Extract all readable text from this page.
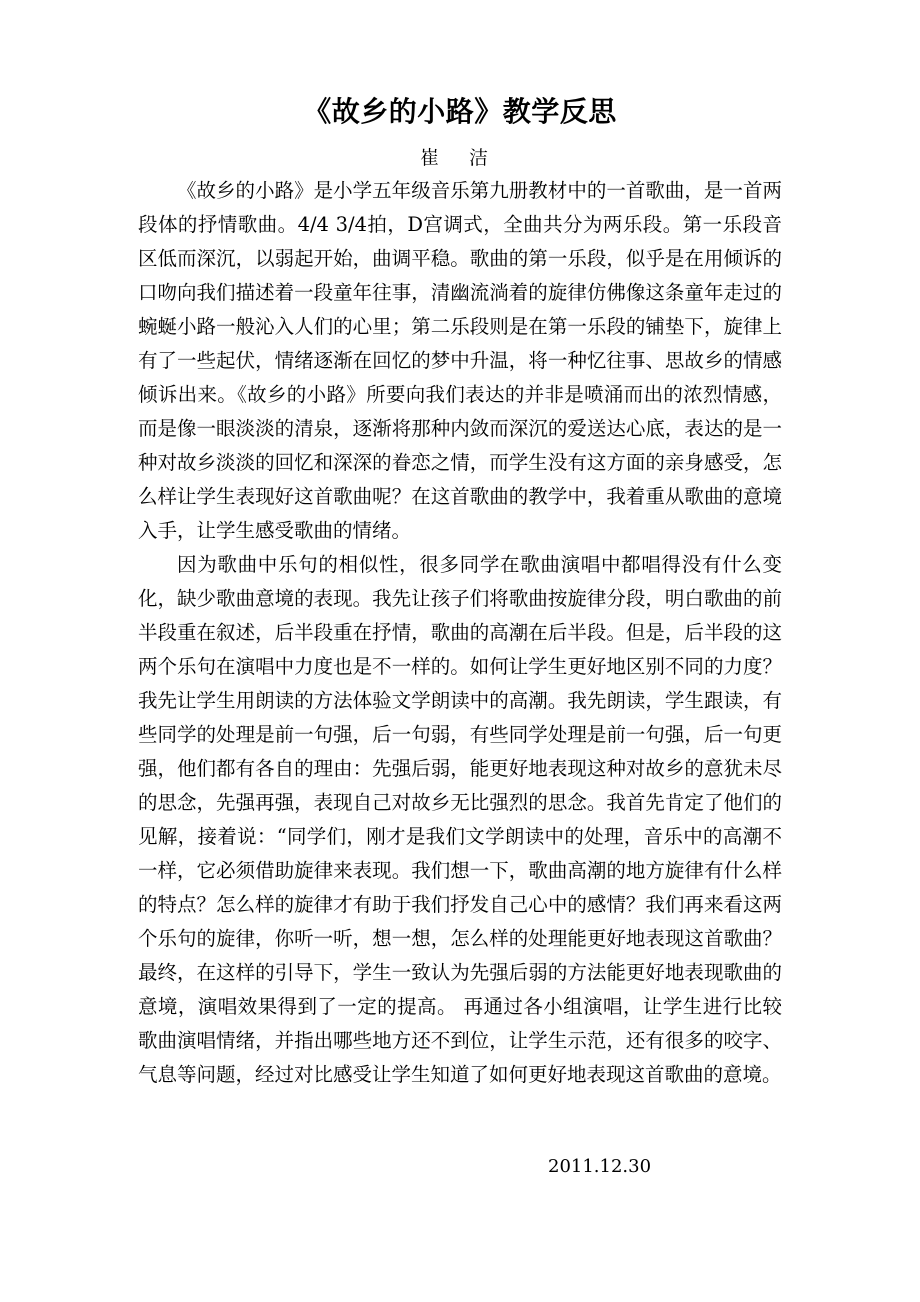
《故乡的小路》教学反思
崔 洁

《故乡的小路》是小学五年级音乐第九册教材中的一首歌曲，是一首两段体的抒情歌曲。4/4 3/4拍，D宫调式，全曲共分为两乐段。第一乐段音区低而深沉，以弱起开始，曲调平稳。歌曲的第一乐段，似乎是在用倾诉的口吻向我们描述着一段童年往事，清幽流淌着的旋律仿佛像这条童年走过的蜿蜒小路一般沁入人们的心里；第二乐段则是在第一乐段的铺垫下，旋律上有了一些起伏，情绪逐渐在回忆的梦中升温，将一种忆往事、思故乡的情感倾诉出来。《故乡的小路》所要向我们表达的并非是喷涌而出的浓烈情感，而是像一眼淡淡的清泉，逐渐将那种内敛而深沉的爱送达心底，表达的是一种对故乡淡淡的回忆和深深的眷恋之情，而学生没有这方面的亲身感受，怎么样让学生表现好这首歌曲呢？在这首歌曲的教学中，我着重从歌曲的意境入手，让学生感受歌曲的情绪。

因为歌曲中乐句的相似性，很多同学在歌曲演唱中都唱得没有什么变化，缺少歌曲意境的表现。我先让孩子们将歌曲按旋律分段，明白歌曲的前半段重在叙述，后半段重在抒情，歌曲的高潮在后半段。但是，后半段的这两个乐句在演唱中力度也是不一样的。如何让学生更好地区别不同的力度？我先让学生用朗读的方法体验文学朗读中的高潮。我先朗读，学生跟读，有些同学的处理是前一句强，后一句弱，有些同学处理是前一句强，后一句更强，他们都有各自的理由：先强后弱，能更好地表现这种对故乡的意犹未尽的思念，先强再强，表现自己对故乡无比强烈的思念。我首先肯定了他们的见解，接着说：“同学们，刚才是我们文学朗读中的处理，音乐中的高潮不一样，它必须借助旋律来表现。我们想一下，歌曲高潮的地方旋律有什么样的特点？怎么样的旋律才有助于我们抒发自己心中的感情？我们再来看这两个乐句的旋律，你听一听，想一想，怎么样的处理能更好地表现这首歌曲？最终，在这样的引导下，学生一致认为先强后弱的方法能更好地表现歌曲的意境，演唱效果得到了一定的提高。 再通过各小组演唱，让学生进行比较歌曲演唱情绪，并指出哪些地方还不到位，让学生示范，还有很多的咬字、气息等问题，经过对比感受让学生知道了如何更好地表现这首歌曲的意境。

2011.12.30
